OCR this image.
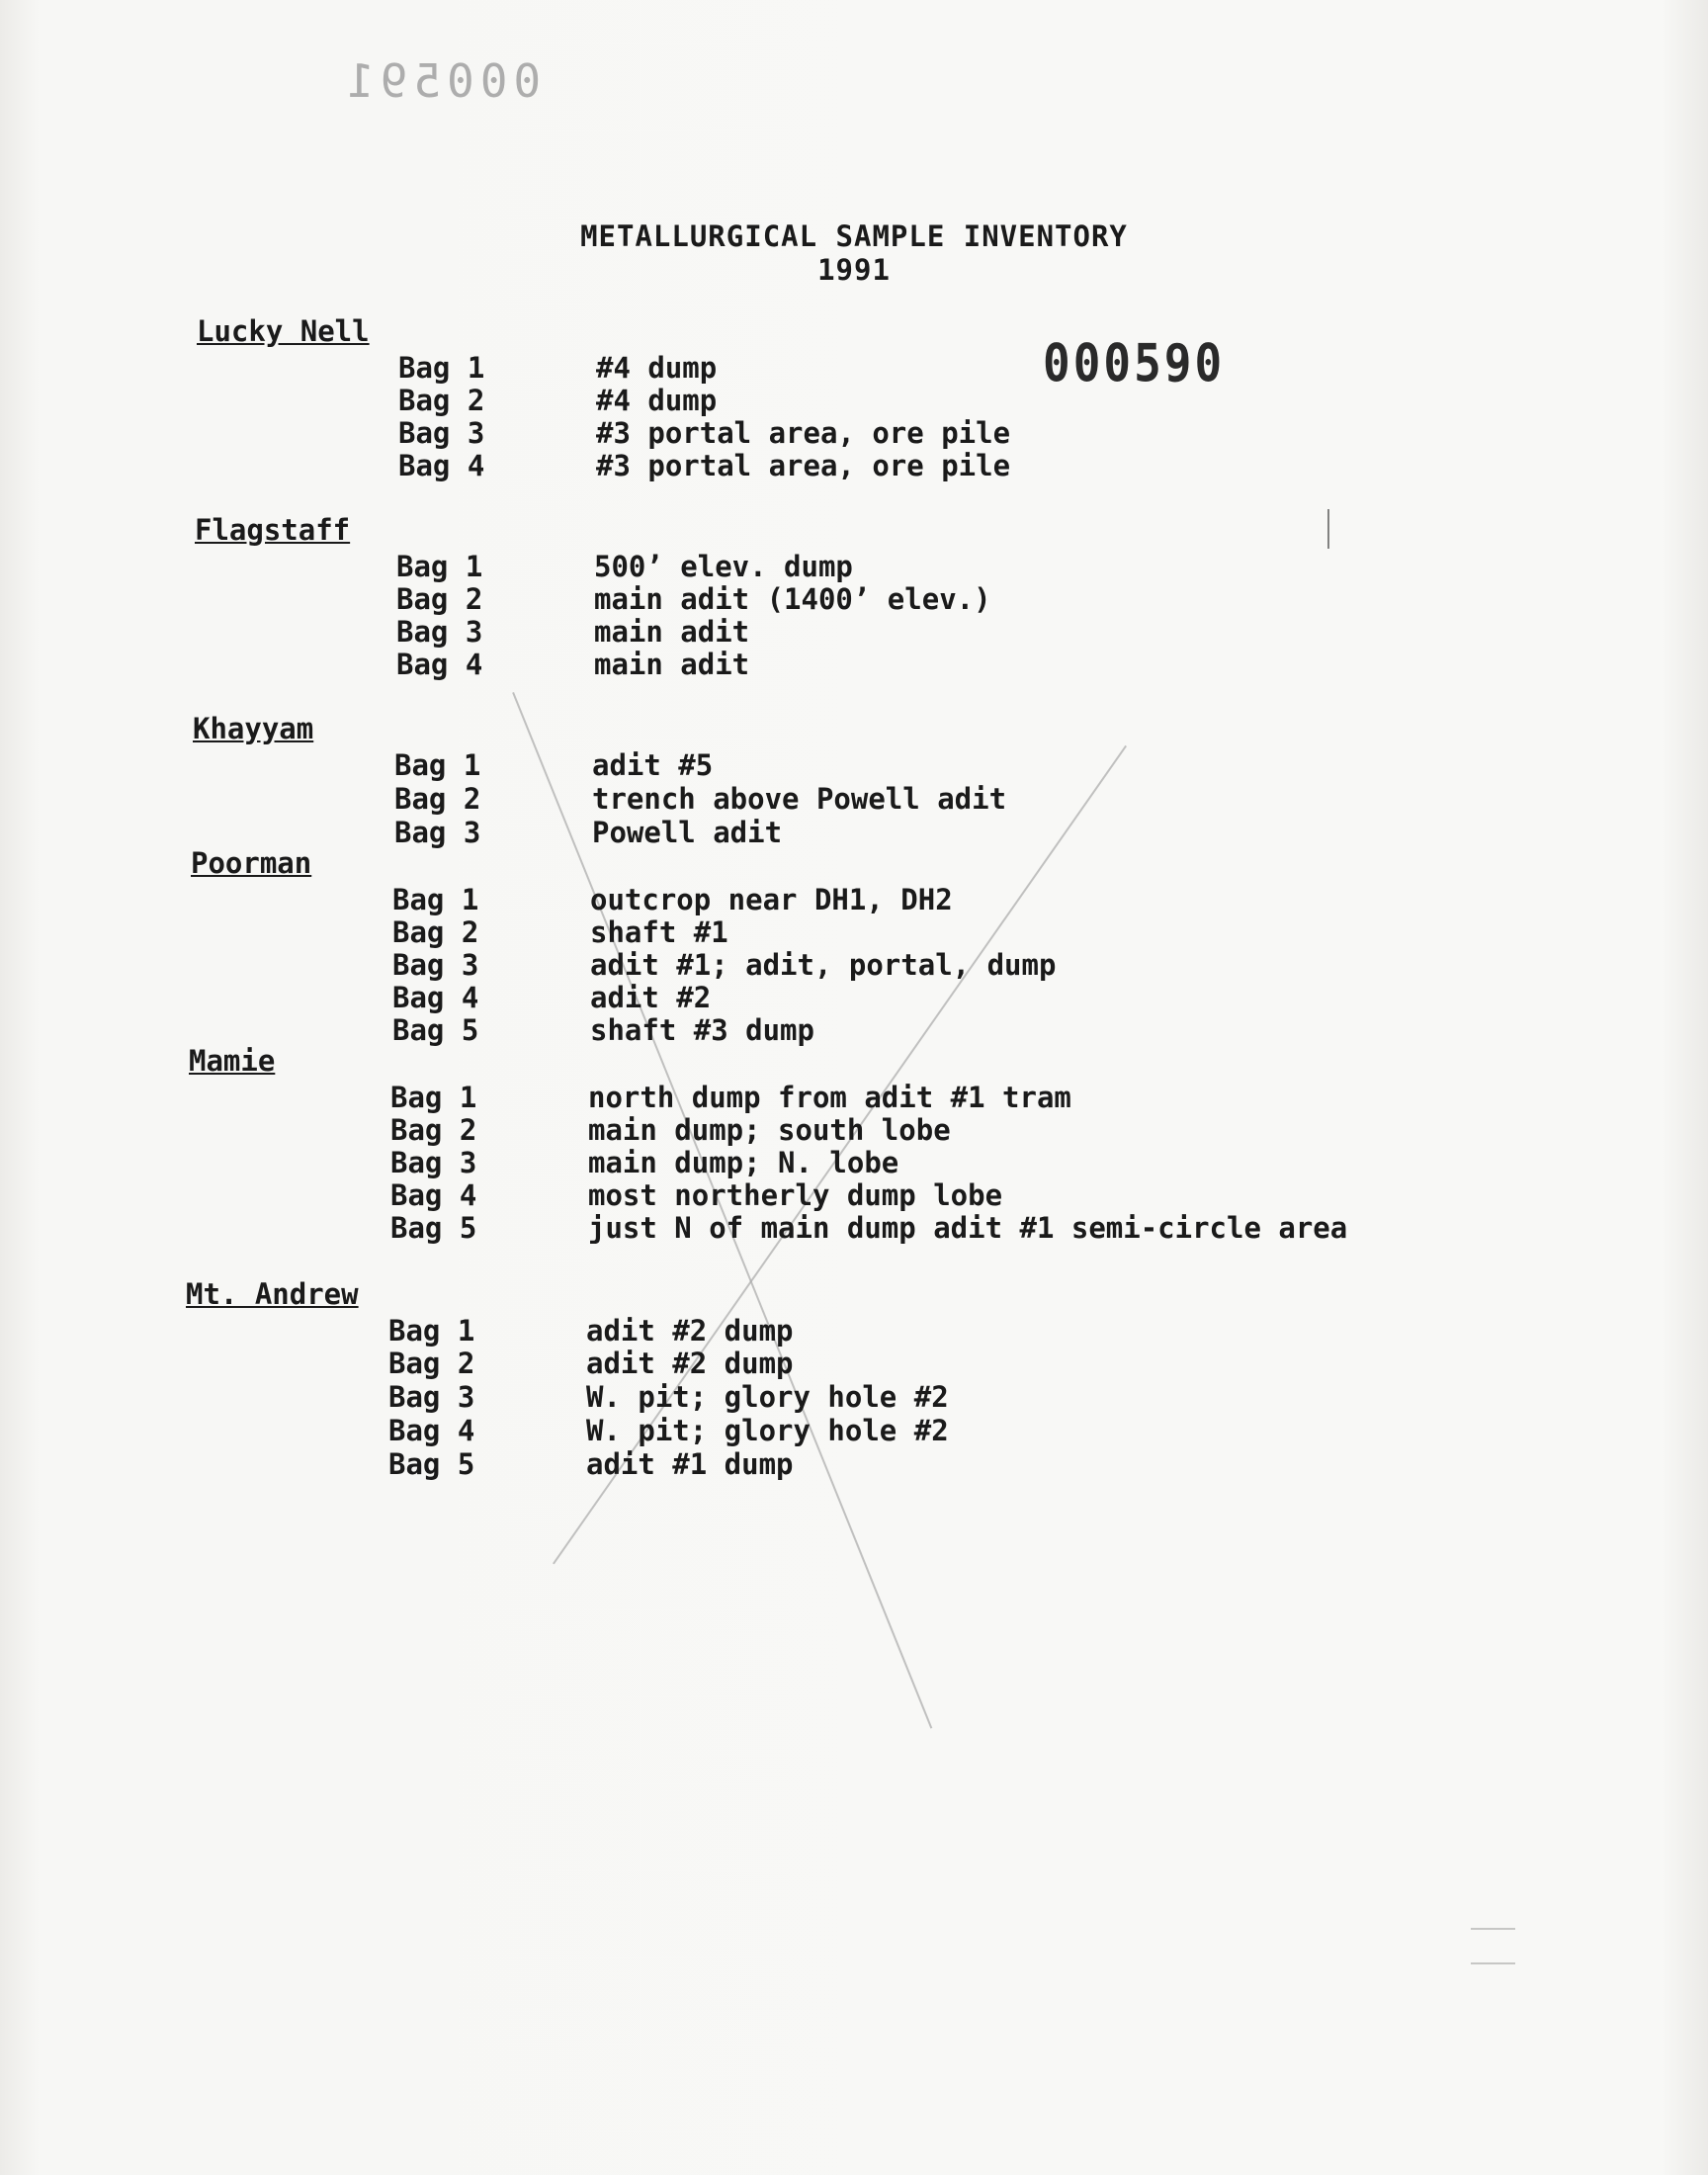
000591
000590
METALLURGICAL SAMPLE INVENTORY
1991
Lucky Nell
Bag 1	#4 dump
Bag 2	#4 dump
Bag 3	#3 portal area, ore pile
Bag 4	#3 portal area, ore pile
Flagstaff
Bag 1	500’ elev. dump
Bag 2	main adit (1400’ elev.)
Bag 3	main adit
Bag 4	main adit
Khayyam
Bag 1	adit #5
Bag 2	trench above Powell adit
Bag 3	Powell adit
Poorman
Bag 1	outcrop near DH1, DH2
Bag 2	shaft #1
Bag 3	adit #1; adit, portal, dump
Bag 4	adit #2
Bag 5	shaft #3 dump
Mamie
Bag 1	north dump from adit #1 tram
Bag 2	main dump; south lobe
Bag 3	main dump; N. lobe
Bag 4	most northerly dump lobe
Bag 5	just N of main dump adit #1 semi-circle area
Mt. Andrew
Bag 1	adit #2 dump
Bag 2	adit #2 dump
Bag 3	W. pit; glory hole #2
Bag 4	W. pit; glory hole #2
Bag 5	adit #1 dump
